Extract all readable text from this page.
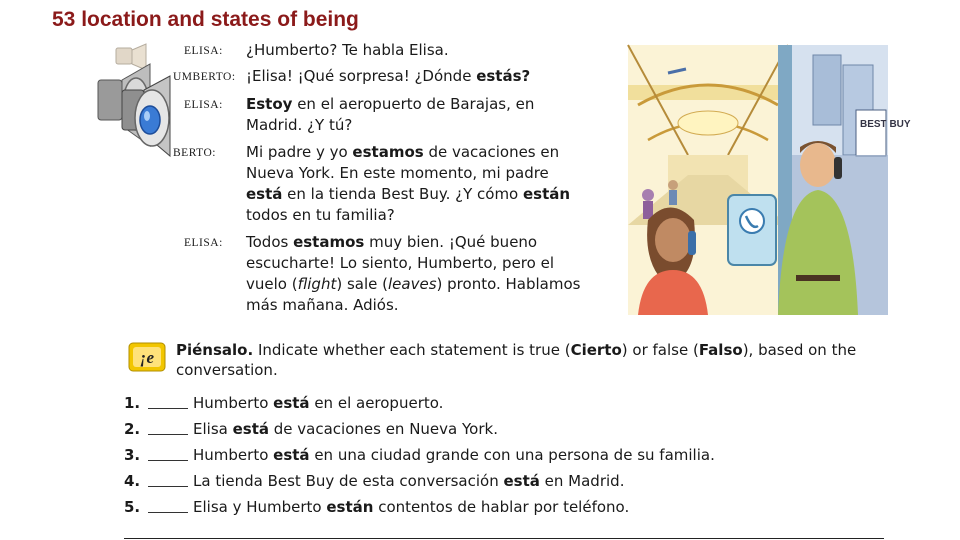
53 location and states of being
ELISA: ¿Humberto? Te habla Elisa.
UMBERTO: ¡Elisa! ¡Qué sorpresa! ¿Dónde estás?
ELISA: Estoy en el aeropuerto de Barajas, en Madrid. ¿Y tú?
BERTO: Mi padre y yo estamos de vacaciones en Nueva York. En este momento, mi padre está en la tienda Best Buy. ¿Y cómo están todos en tu familia?
ELISA: Todos estamos muy bien. ¡Qué bueno escucharte! Lo siento, Humberto, pero el vuelo (flight) sale (leaves) pronto. Hablamos más mañana. Adiós.
BEST BUY
¡e Piénsalo. Indicate whether each statement is true (Cierto) or false (Falso), based on the conversation.
1.	Humberto está en el aeropuerto.
2.	Elisa está de vacaciones en Nueva York.
3.	Humberto está en una ciudad grande con una persona de su familia.
4.	La tienda Best Buy de esta conversación está en Madrid.
5.	Elisa y Humberto están contentos de hablar por teléfono.
